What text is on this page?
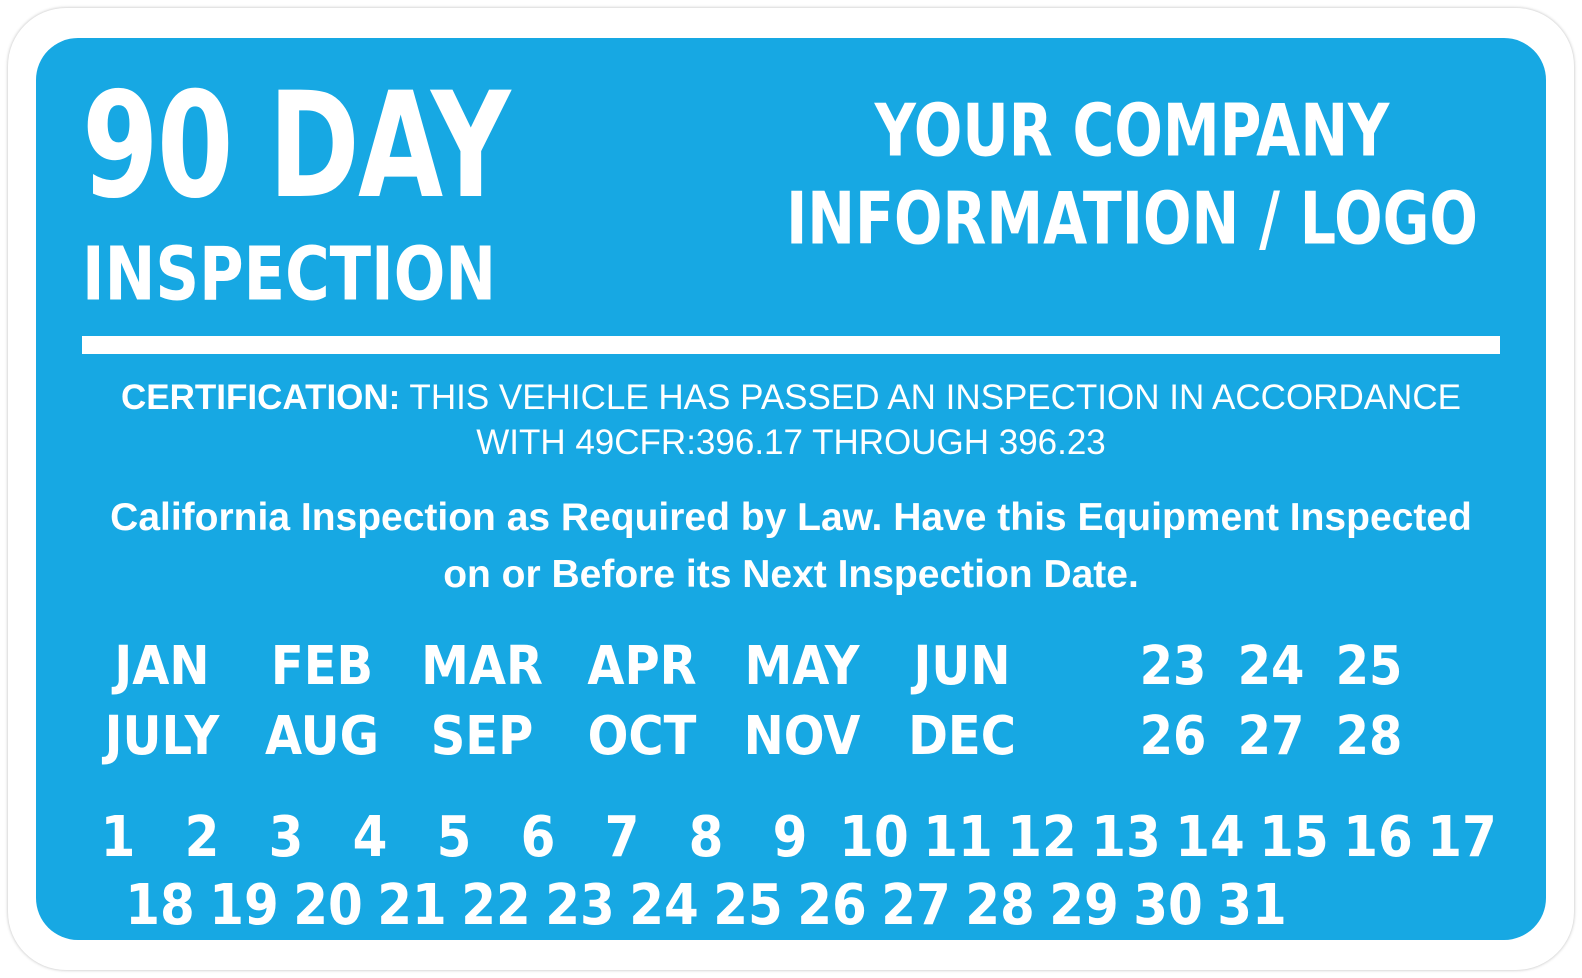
90 DAY
INSPECTION
YOUR COMPANY
INFORMATION / LOGO
CERTIFICATION: THIS VEHICLE HAS PASSED AN INSPECTION IN ACCORDANCE WITH 49CFR:396.17 THROUGH 396.23
California Inspection as Required by Law. Have this Equipment Inspected on or Before its Next Inspection Date.
JAN	FEB MAR APR MAY	JUN	23 24 25
JULY AUG	SEP	OCT NOV DEC	26 27 28
1 2 3 4 5 6 7 8 9 10 11 12 13 14 15 16 17
18 19 20 21 22 23 24 25 26 27 28 29 30 31
